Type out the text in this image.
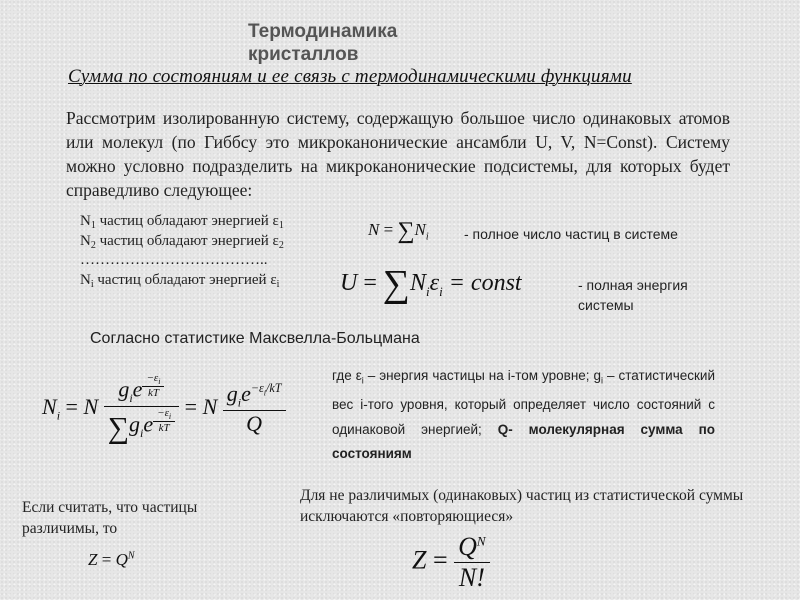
Термодинамика кристаллов
Сумма по состояниям и ее связь с термодинамическими функциями
Рассмотрим изолированную систему, содержащую большое число одинаковых атомов или молекул (по Гиббсу это микроканонические ансамбли U, V, N=Const). Систему можно условно подразделить на микроканонические подсистемы, для которых будет справедливо следующее:
$N_1$ частиц обладают энергией $\varepsilon_1$
$N_2$ частиц обладают энергией $\varepsilon_2$
………………………………..
$N_i$ частиц обладают энергией $\varepsilon_i$
$N = \sum N_i$	- полное число частиц в системе
$U = \sum N_i\varepsilon_i$ = const	- полная энергия системы
Согласно статистике Максвелла-Больцмана
$N_i = N$ $g_ie$ $^{\frac{-\varepsilon_i}{kT}}$
$\sum g_ie$ $^{\frac{-\varepsilon_i}{kT}}$ = N $\frac{g_ie^{-\varepsilon_i/kT}}{Q}$
где $\varepsilon_i$ – энергия частицы на i-том уровне; $g_i$ – статистический вес i-того уровня, который определяет число состояний с одинаковой энергией; Q- молекулярная сумма по состояниям
Если считать, что частицы различимы, то
Для не различимых (одинаковых) частиц из статистической суммы исключаются «повторяющиеся»
$Z = Q^N$	$Z = \frac{Q^N}{N!}$
